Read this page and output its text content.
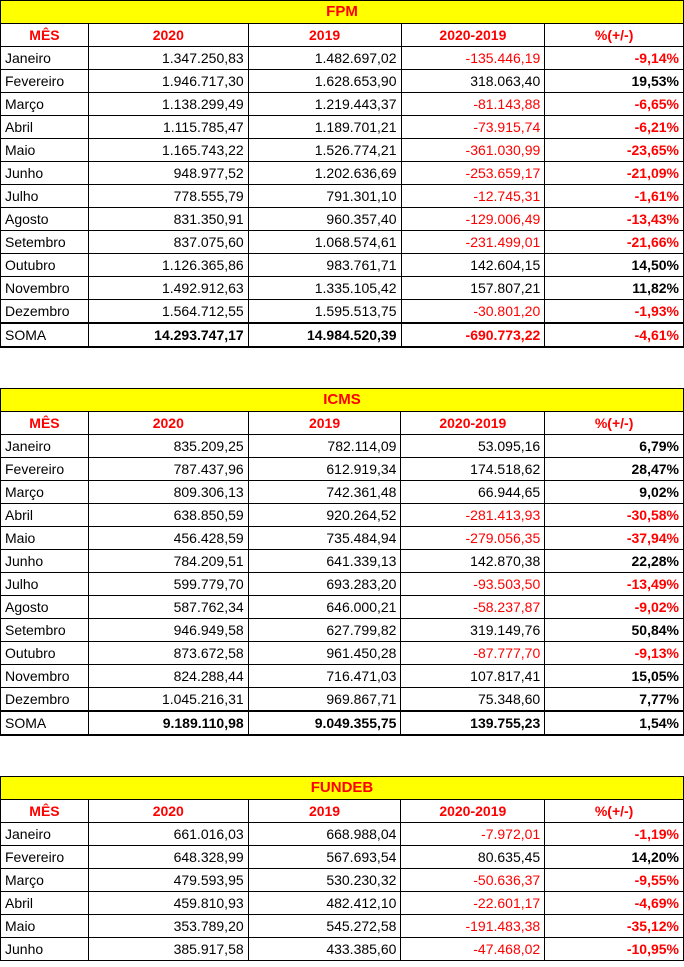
FPM				
MÊS	2020	2019	2020-2019	%(+/-)
Janeiro	1.347.250,83	1.482.697,02	-135.446,19	-9,14%
Fevereiro	1.946.717,30	1.628.653,90	318.063,40	19,53%
Março	1.138.299,49	1.219.443,37	-81.143,88	-6,65%
Abril	1.115.785,47	1.189.701,21	-73.915,74	-6,21%
Maio	1.165.743,22	1.526.774,21	-361.030,99	-23,65%
Junho	948.977,52	1.202.636,69	-253.659,17	-21,09%
Julho	778.555,79	791.301,10	-12.745,31	-1,61%
Agosto	831.350,91	960.357,40	-129.006,49	-13,43%
Setembro	837.075,60	1.068.574,61	-231.499,01	-21,66%
Outubro	1.126.365,86	983.761,71	142.604,15	14,50%
Novembro	1.492.912,63	1.335.105,42	157.807,21	11,82%
Dezembro	1.564.712,55	1.595.513,75	-30.801,20	-1,93%
SOMA	14.293.747,17	14.984.520,39	-690.773,22	-4,61%
ICMS				
MÊS	2020	2019	2020-2019	%(+/-)
Janeiro	835.209,25	782.114,09	53.095,16	6,79%
Fevereiro	787.437,96	612.919,34	174.518,62	28,47%
Março	809.306,13	742.361,48	66.944,65	9,02%
Abril	638.850,59	920.264,52	-281.413,93	-30,58%
Maio	456.428,59	735.484,94	-279.056,35	-37,94%
Junho	784.209,51	641.339,13	142.870,38	22,28%
Julho	599.779,70	693.283,20	-93.503,50	-13,49%
Agosto	587.762,34	646.000,21	-58.237,87	-9,02%
Setembro	946.949,58	627.799,82	319.149,76	50,84%
Outubro	873.672,58	961.450,28	-87.777,70	-9,13%
Novembro	824.288,44	716.471,03	107.817,41	15,05%
Dezembro	1.045.216,31	969.867,71	75.348,60	7,77%
SOMA	9.189.110,98	9.049.355,75	139.755,23	1,54%
FUNDEB				
MÊS	2020	2019	2020-2019	%(+/-)
Janeiro	661.016,03	668.988,04	-7.972,01	-1,19%
Fevereiro	648.328,99	567.693,54	80.635,45	14,20%
Março	479.593,95	530.230,32	-50.636,37	-9,55%
Abril	459.810,93	482.412,10	-22.601,17	-4,69%
Maio	353.789,20	545.272,58	-191.483,38	-35,12%
Junho	385.917,58	433.385,60	-47.468,02	-10,95%
